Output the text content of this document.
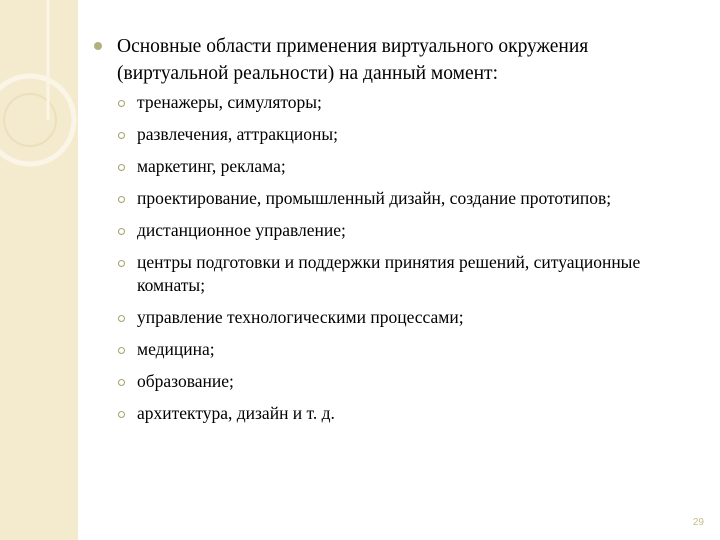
Основные области применения виртуального окружения (виртуальной реальности) на данный момент:
тренажеры, симуляторы;
развлечения, аттракционы;
маркетинг, реклама;
проектирование, промышленный дизайн, создание прототипов;
дистанционное управление;
центры подготовки и поддержки принятия решений, ситуационные комнаты;
управление технологическими процессами;
медицина;
образование;
архитектура, дизайн и т. д.
29
